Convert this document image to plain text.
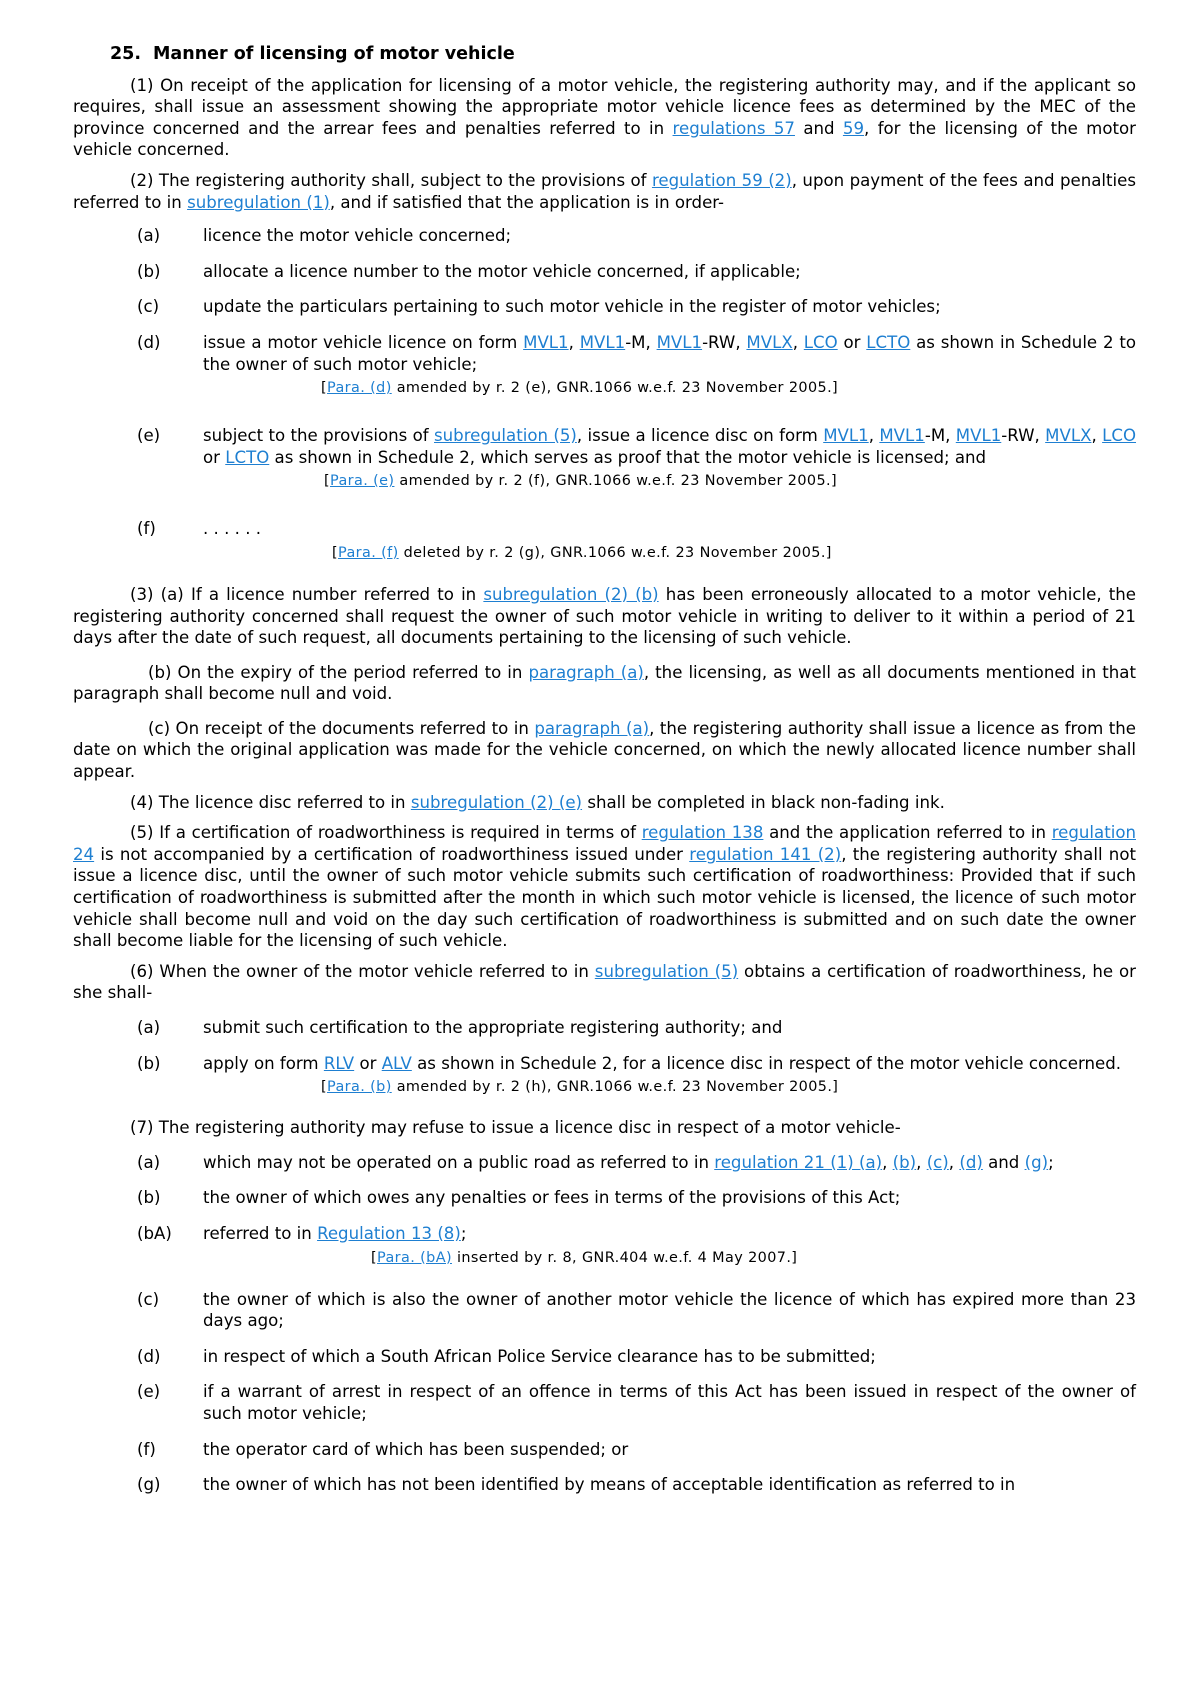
25. Manner of licensing of motor vehicle

(1) On receipt of the application for licensing of a motor vehicle, the registering authority may, and if the applicant so requires, shall issue an assessment showing the appropriate motor vehicle licence fees as determined by the MEC of the province concerned and the arrear fees and penalties referred to in regulations 57 and 59, for the licensing of the motor vehicle concerned.

(2) The registering authority shall, subject to the provisions of regulation 59 (2), upon payment of the fees and penalties referred to in subregulation (1), and if satisfied that the application is in order-

(a)	licence the motor vehicle concerned;
(b)	allocate a licence number to the motor vehicle concerned, if applicable;
(c)	update the particulars pertaining to such motor vehicle in the register of motor vehicles;
(d)	issue a motor vehicle licence on form MVL1, MVL1-M, MVL1-RW, MVLX, LCO or LCTO as shown in Schedule 2 to the owner of such motor vehicle;
[Para. (d) amended by r. 2 (e), GNR.1066 w.e.f. 23 November 2005.]
(e)	subject to the provisions of subregulation (5), issue a licence disc on form MVL1, MVL1-M, MVL1-RW, MVLX, LCO or LCTO as shown in Schedule 2, which serves as proof that the motor vehicle is licensed; and
[Para. (e) amended by r. 2 (f), GNR.1066 w.e.f. 23 November 2005.]
(f)	. . . . . .
[Para. (f) deleted by r. 2 (g), GNR.1066 w.e.f. 23 November 2005.]

(3) (a) If a licence number referred to in subregulation (2) (b) has been erroneously allocated to a motor vehicle, the registering authority concerned shall request the owner of such motor vehicle in writing to deliver to it within a period of 21 days after the date of such request, all documents pertaining to the licensing of such vehicle.

(b) On the expiry of the period referred to in paragraph (a), the licensing, as well as all documents mentioned in that paragraph shall become null and void.

(c) On receipt of the documents referred to in paragraph (a), the registering authority shall issue a licence as from the date on which the original application was made for the vehicle concerned, on which the newly allocated licence number shall appear.

(4) The licence disc referred to in subregulation (2) (e) shall be completed in black non-fading ink.

(5) If a certification of roadworthiness is required in terms of regulation 138 and the application referred to in regulation 24 is not accompanied by a certification of roadworthiness issued under regulation 141 (2), the registering authority shall not issue a licence disc, until the owner of such motor vehicle submits such certification of roadworthiness: Provided that if such certification of roadworthiness is submitted after the month in which such motor vehicle is licensed, the licence of such motor vehicle shall become null and void on the day such certification of roadworthiness is submitted and on such date the owner shall become liable for the licensing of such vehicle.

(6) When the owner of the motor vehicle referred to in subregulation (5) obtains a certification of roadworthiness, he or she shall-

(a)	submit such certification to the appropriate registering authority; and
(b)	apply on form RLV or ALV as shown in Schedule 2, for a licence disc in respect of the motor vehicle concerned.
[Para. (b) amended by r. 2 (h), GNR.1066 w.e.f. 23 November 2005.]

(7) The registering authority may refuse to issue a licence disc in respect of a motor vehicle-

(a)	which may not be operated on a public road as referred to in regulation 21 (1) (a), (b), (c), (d) and (g);
(b)	the owner of which owes any penalties or fees in terms of the provisions of this Act;
(bA) referred to in Regulation 13 (8);
[Para. (bA) inserted by r. 8, GNR.404 w.e.f. 4 May 2007.]
(c)	the owner of which is also the owner of another motor vehicle the licence of which has expired more than 23 days ago;
(d)	in respect of which a South African Police Service clearance has to be submitted;
(e)	if a warrant of arrest in respect of an offence in terms of this Act has been issued in respect of the owner of such motor vehicle;
(f)	the operator card of which has been suspended; or
(g)	the owner of which has not been identified by means of acceptable identification as referred to in
